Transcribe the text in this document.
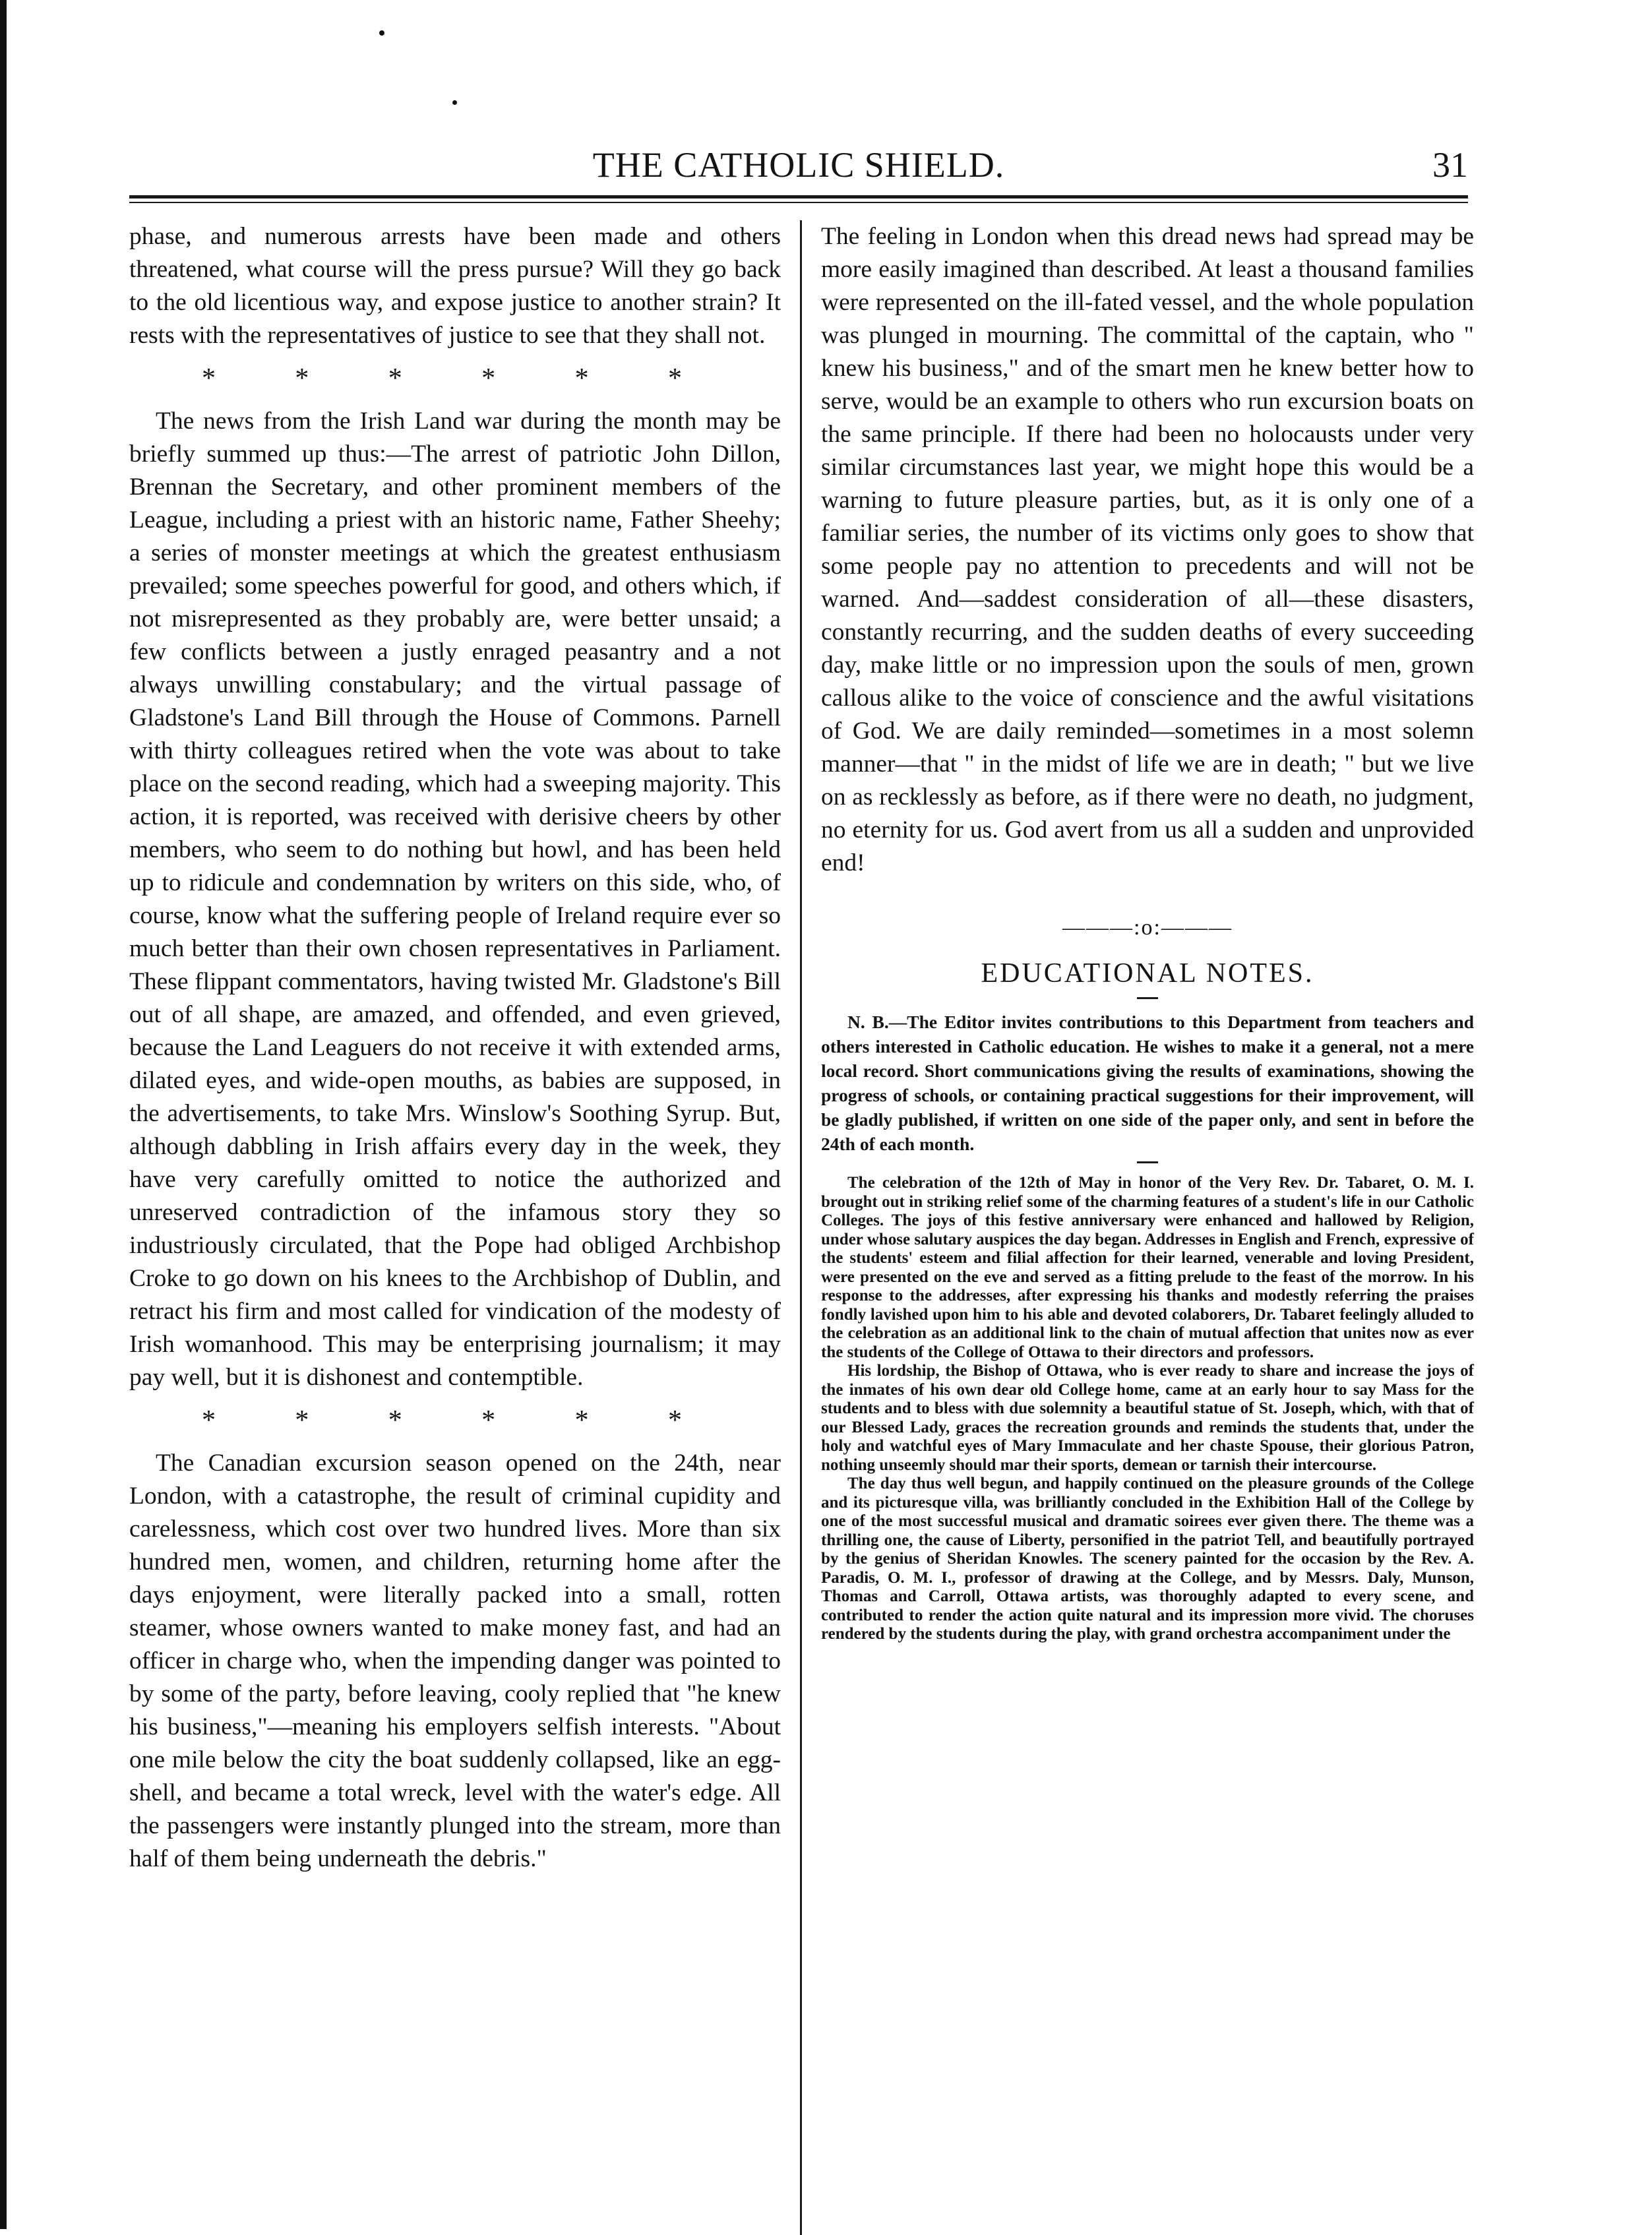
THE CATHOLIC SHIELD.	31

phase, and numerous arrests have been made and others threatened, what course will the press pursue? Will they go back to the old licentious way, and expose justice to another strain? It rests with the representatives of justice to see that they shall not.

*	*	*	*	*	*

The news from the Irish Land war during the month may be briefly summed up thus:—The arrest of patriotic John Dillon, Brennan the Secretary, and other prominent members of the League, including a priest with an historic name, Father Sheehy; a series of monster meetings at which the greatest enthusiasm prevailed; some speeches powerful for good, and others which, if not misrepresented as they probably are, were better unsaid; a few conflicts between a justly enraged peasantry and a not always unwilling constabulary; and the virtual passage of Gladstone's Land Bill through the House of Commons. Parnell with thirty colleagues retired when the vote was about to take place on the second reading, which had a sweeping majority. This action, it is reported, was received with derisive cheers by other members, who seem to do nothing but howl, and has been held up to ridicule and condemnation by writers on this side, who, of course, know what the suffering people of Ireland require ever so much better than their own chosen representatives in Parliament. These flippant commentators, having twisted Mr. Gladstone's Bill out of all shape, are amazed, and offended, and even grieved, because the Land Leaguers do not receive it with extended arms, dilated eyes, and wide-open mouths, as babies are supposed, in the advertisements, to take Mrs. Winslow's Soothing Syrup. But, although dabbling in Irish affairs every day in the week, they have very carefully omitted to notice the authorized and unreserved contradiction of the infamous story they so industriously circulated, that the Pope had obliged Archbishop Croke to go down on his knees to the Archbishop of Dublin, and retract his firm and most called for vindication of the modesty of Irish womanhood. This may be enterprising journalism; it may pay well, but it is dishonest and contemptible.

*	*	*	*	*	*

The Canadian excursion season opened on the 24th, near London, with a catastrophe, the result of criminal cupidity and carelessness, which cost over two hundred lives. More than six hundred men, women, and children, returning home after the days enjoyment, were literally packed into a small, rotten steamer, whose owners wanted to make money fast, and had an officer in charge who, when the impending danger was pointed to by some of the party, before leaving, cooly replied that "he knew his business,"—meaning his employers selfish interests. "About one mile below the city the boat suddenly collapsed, like an egg-shell, and became a total wreck, level with the water's edge. All the passengers were instantly plunged into the stream, more than half of them being underneath the debris."

The feeling in London when this dread news had spread may be more easily imagined than described. At least a thousand families were represented on the ill-fated vessel, and the whole population was plunged in mourning. The committal of the captain, who " knew his business," and of the smart men he knew better how to serve, would be an example to others who run excursion boats on the same principle. If there had been no holocausts under very similar circumstances last year, we might hope this would be a warning to future pleasure parties, but, as it is only one of a familiar series, the number of its victims only goes to show that some people pay no attention to precedents and will not be warned. And—saddest consideration of all—these disasters, constantly recurring, and the sudden deaths of every succeeding day, make little or no impression upon the souls of men, grown callous alike to the voice of conscience and the awful visitations of God. We are daily reminded—sometimes in a most solemn manner—that " in the midst of life we are in death; " but we live on as recklessly as before, as if there were no death, no judgment, no eternity for us. God avert from us all a sudden and unprovided end!

———:o:———
EDUCATIONAL NOTES.

N. B.—The Editor invites contributions to this Department from teachers and others interested in Catholic education. He wishes to make it a general, not a mere local record. Short communications giving the results of examinations, showing the progress of schools, or containing practical suggestions for their improvement, will be gladly published, if written on one side of the paper only, and sent in before the 24th of each month.

The celebration of the 12th of May in honor of the Very Rev. Dr. Tabaret, O. M. I. brought out in striking relief some of the charming features of a student's life in our Catholic Colleges. The joys of this festive anniversary were enhanced and hallowed by Religion, under whose salutary auspices the day began. Addresses in English and French, expressive of the students' esteem and filial affection for their learned, venerable and loving President, were presented on the eve and served as a fitting prelude to the feast of the morrow. In his response to the addresses, after expressing his thanks and modestly referring the praises fondly lavished upon him to his able and devoted colaborers, Dr. Tabaret feelingly alluded to the celebration as an additional link to the chain of mutual affection that unites now as ever the students of the College of Ottawa to their directors and professors.

His lordship, the Bishop of Ottawa, who is ever ready to share and increase the joys of the inmates of his own dear old College home, came at an early hour to say Mass for the students and to bless with due solemnity a beautiful statue of St. Joseph, which, with that of our Blessed Lady, graces the recreation grounds and reminds the students that, under the holy and watchful eyes of Mary Immaculate and her chaste Spouse, their glorious Patron, nothing unseemly should mar their sports, demean or tarnish their intercourse.

The day thus well begun, and happily continued on the pleasure grounds of the College and its picturesque villa, was brilliantly concluded in the Exhibition Hall of the College by one of the most successful musical and dramatic soirees ever given there. The theme was a thrilling one, the cause of Liberty, personified in the patriot Tell, and beautifully portrayed by the genius of Sheridan Knowles. The scenery painted for the occasion by the Rev. A. Paradis, O. M. I., professor of drawing at the College, and by Messrs. Daly, Munson, Thomas and Carroll, Ottawa artists, was thoroughly adapted to every scene, and contributed to render the action quite natural and its impression more vivid. The choruses rendered by the students during the play, with grand orchestra accompaniment under the
